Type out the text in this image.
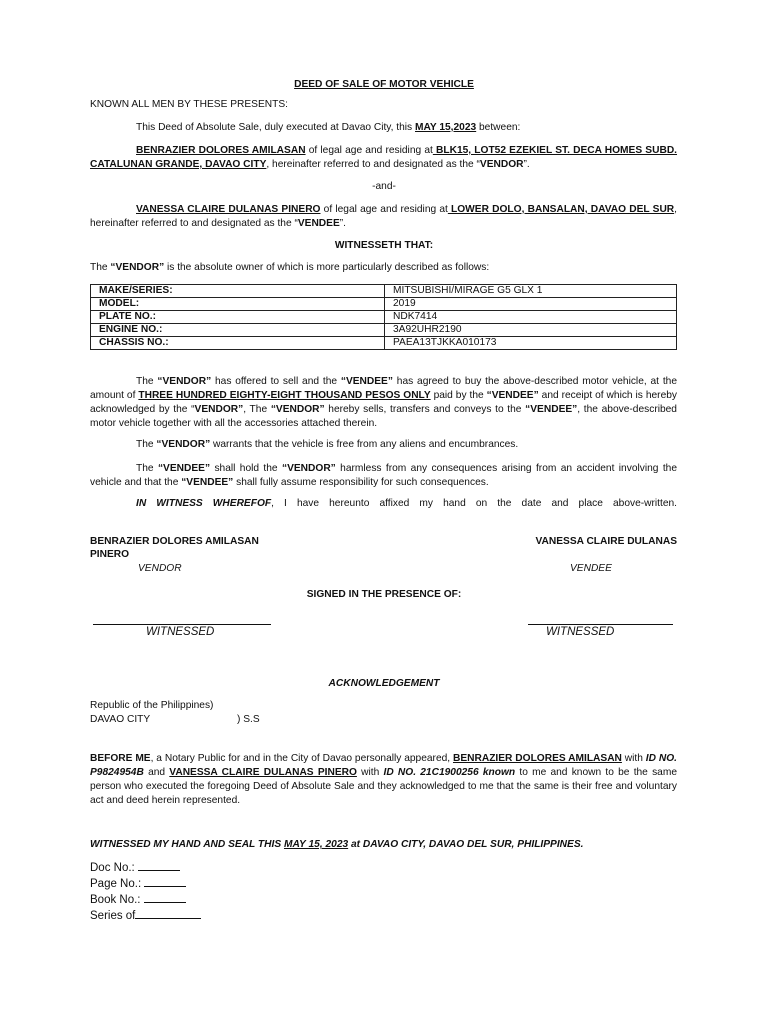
DEED OF SALE OF MOTOR VEHICLE
KNOWN ALL MEN BY THESE PRESENTS:
This Deed of Absolute Sale, duly executed at Davao City, this MAY 15,2023 between:
BENRAZIER DOLORES AMILASAN of legal age and residing at BLK15, LOT52 EZEKIEL ST. DECA HOMES SUBD. CATALUNAN GRANDE, DAVAO CITY, hereinafter referred to and designated as the “VENDOR”.
-and-
VANESSA CLAIRE DULANAS PINERO of legal age and residing at LOWER DOLO, BANSALAN, DAVAO DEL SUR, hereinafter referred to and designated as the “VENDEE”.
WITNESSETH THAT:
The “VENDOR” is the absolute owner of which is more particularly described as follows:
MAKE/SERIES:	MITSUBISHI/MIRAGE G5 GLX 1
MODEL:	2019
PLATE NO.:	NDK7414
ENGINE NO.:	3A92UHR2190
CHASSIS NO.:	PAEA13TJKKA010173
The “VENDOR” has offered to sell and the “VENDEE” has agreed to buy the above-described motor vehicle, at the amount of THREE HUNDRED EIGHTY-EIGHT THOUSAND PESOS ONLY paid by the “VENDEE” and receipt of which is hereby acknowledged by the “VENDOR”, The “VENDOR” hereby sells, transfers and conveys to the “VENDEE”, the above-described motor vehicle together with all the accessories attached therein.
The “VENDOR” warrants that the vehicle is free from any aliens and encumbrances.
The “VENDEE” shall hold the “VENDOR” harmless from any consequences arising from an accident involving the vehicle and that the “VENDEE” shall fully assume responsibility for such consequences.
IN WITNESS WHEREFOF, I have hereunto affixed my hand on the date and place above-written.
BENRAZIER DOLORES AMILASAN
PINERO
VANESSA CLAIRE DULANAS
VENDOR	VENDEE
SIGNED IN THE PRESENCE OF:
WITNESSED	WITNESSED
ACKNOWLEDGEMENT
Republic of the Philippines)
DAVAO CITY	) S.S
BEFORE ME, a Notary Public for and in the City of Davao personally appeared, BENRAZIER DOLORES AMILASAN with ID NO. P9824954B and VANESSA CLAIRE DULANAS PINERO with ID NO. 21C1900256 known to me and known to be the same person who executed the foregoing Deed of Absolute Sale and they acknowledged to me that the same is their free and voluntary act and deed herein represented.
WITNESSED MY HAND AND SEAL THIS MAY 15, 2023 at DAVAO CITY, DAVAO DEL SUR, PHILIPPINES.
Doc No.:
Page No.:
Book No.:
Series of
